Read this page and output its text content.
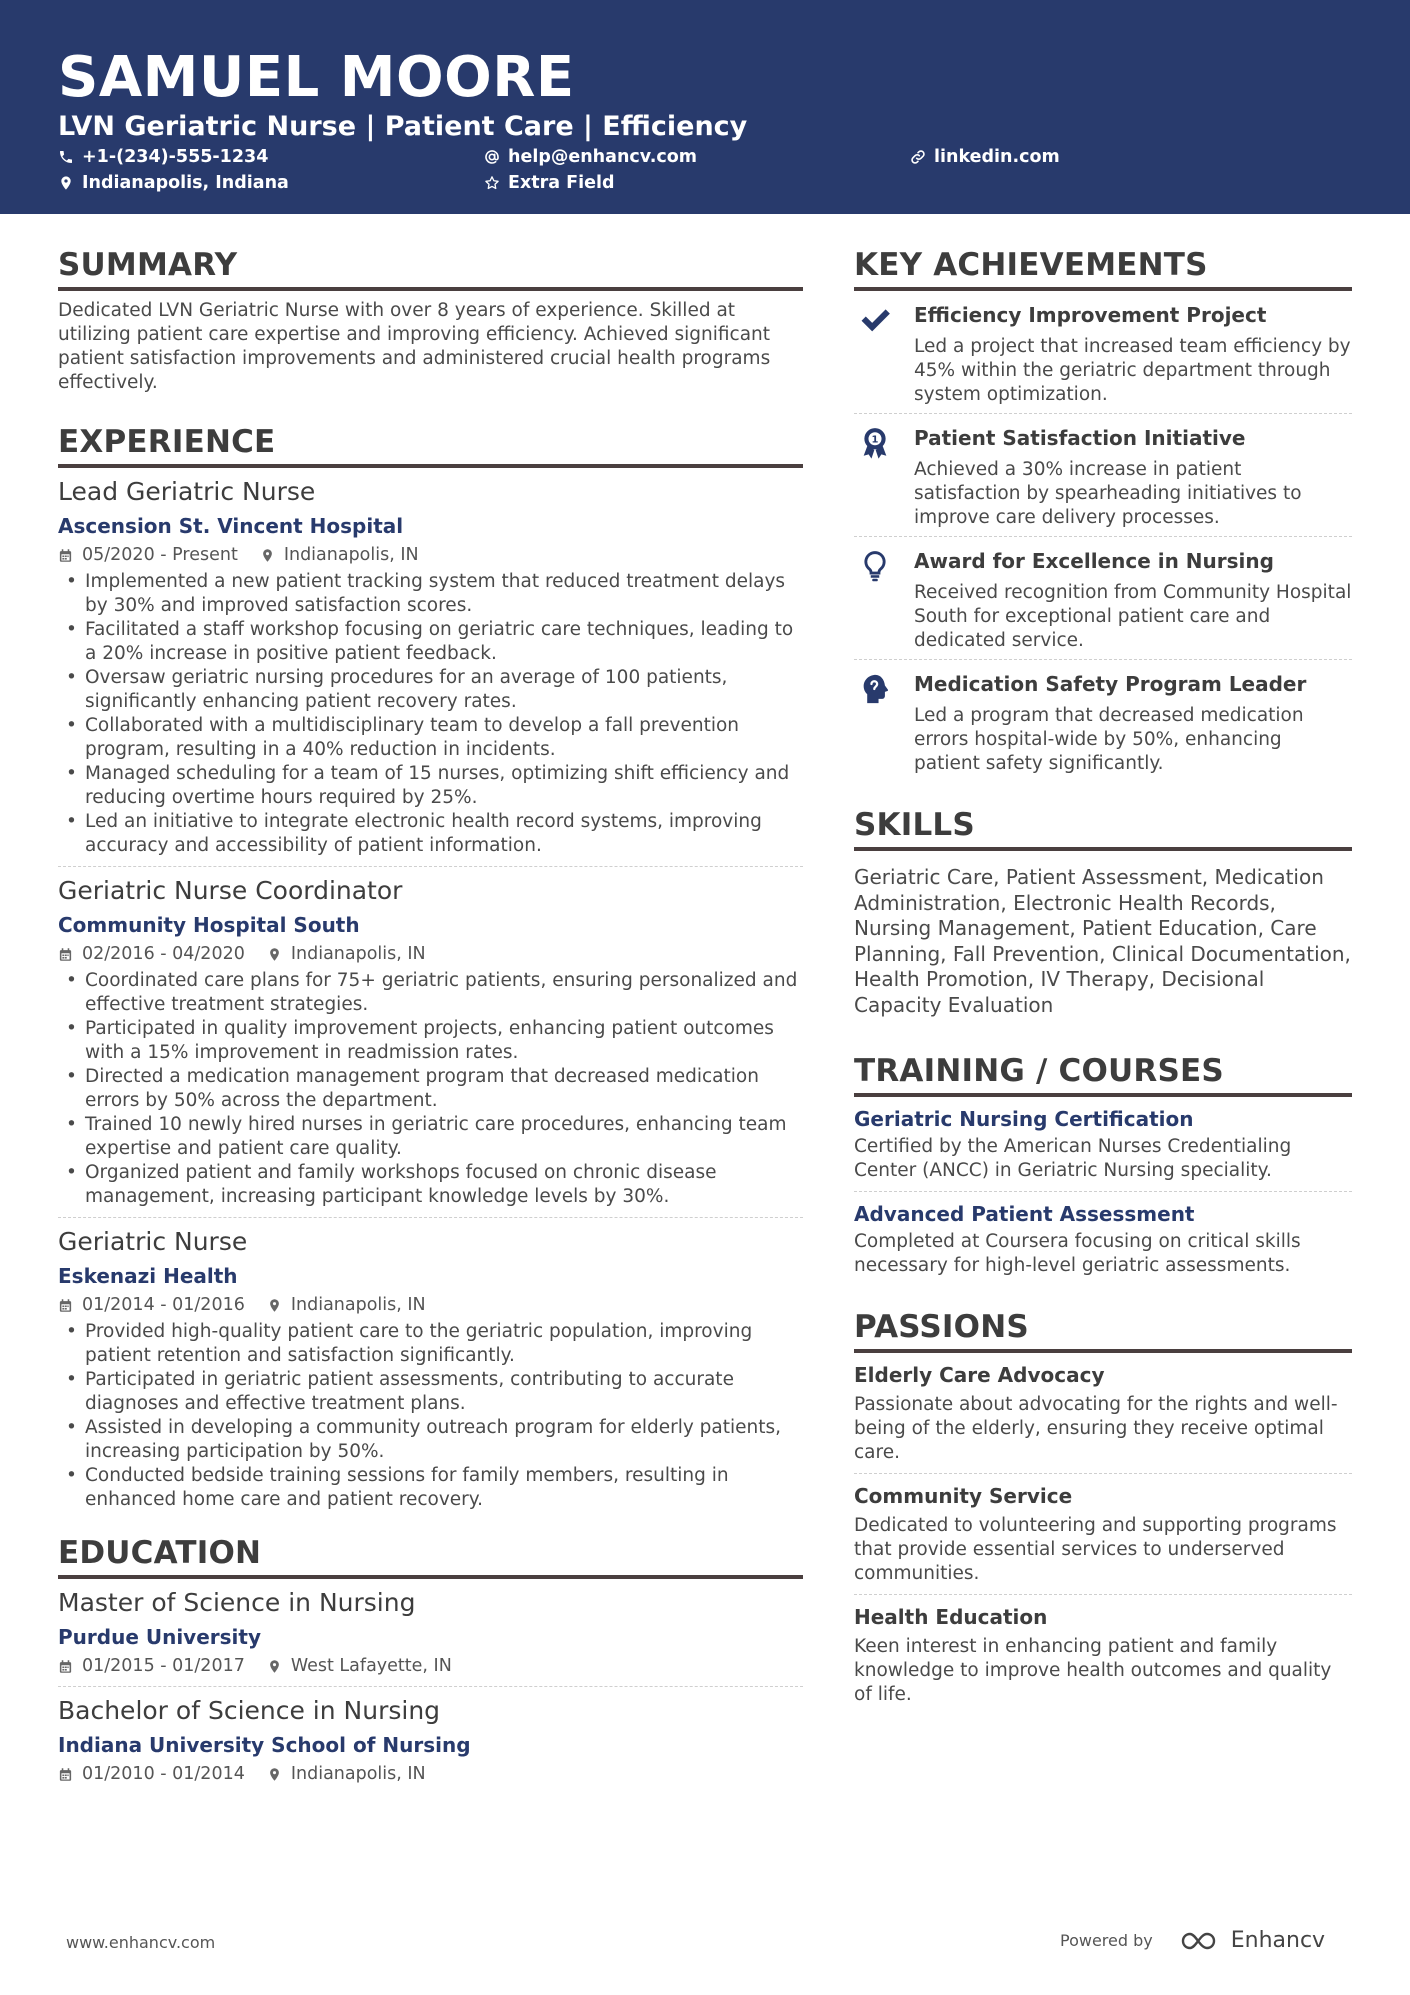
SAMUEL MOORE
LVN Geriatric Nurse | Patient Care | Efficiency
+1-(234)-555-1234	help@enhancv.com	linkedin.com
Indianapolis, Indiana	Extra Field
SUMMARY
Dedicated LVN Geriatric Nurse with over 8 years of experience. Skilled at utilizing patient care expertise and improving efficiency. Achieved significant patient satisfaction improvements and administered crucial health programs effectively.
EXPERIENCE
Lead Geriatric Nurse
Ascension St. Vincent Hospital
05/2020 - Present	Indianapolis, IN
• Implemented a new patient tracking system that reduced treatment delays by 30% and improved satisfaction scores.
• Facilitated a staff workshop focusing on geriatric care techniques, leading to a 20% increase in positive patient feedback.
• Oversaw geriatric nursing procedures for an average of 100 patients, significantly enhancing patient recovery rates.
• Collaborated with a multidisciplinary team to develop a fall prevention program, resulting in a 40% reduction in incidents.
• Managed scheduling for a team of 15 nurses, optimizing shift efficiency and reducing overtime hours required by 25%.
• Led an initiative to integrate electronic health record systems, improving accuracy and accessibility of patient information.
Geriatric Nurse Coordinator
Community Hospital South
02/2016 - 04/2020	Indianapolis, IN
• Coordinated care plans for 75+ geriatric patients, ensuring personalized and effective treatment strategies.
• Participated in quality improvement projects, enhancing patient outcomes with a 15% improvement in readmission rates.
• Directed a medication management program that decreased medication errors by 50% across the department.
• Trained 10 newly hired nurses in geriatric care procedures, enhancing team expertise and patient care quality.
• Organized patient and family workshops focused on chronic disease management, increasing participant knowledge levels by 30%.
Geriatric Nurse
Eskenazi Health
01/2014 - 01/2016	Indianapolis, IN
• Provided high-quality patient care to the geriatric population, improving patient retention and satisfaction significantly.
• Participated in geriatric patient assessments, contributing to accurate diagnoses and effective treatment plans.
• Assisted in developing a community outreach program for elderly patients, increasing participation by 50%.
• Conducted bedside training sessions for family members, resulting in enhanced home care and patient recovery.
EDUCATION
Master of Science in Nursing
Purdue University
01/2015 - 01/2017	West Lafayette, IN
Bachelor of Science in Nursing
Indiana University School of Nursing
01/2010 - 01/2014	Indianapolis, IN
KEY ACHIEVEMENTS
Efficiency Improvement Project
Led a project that increased team efficiency by 45% within the geriatric department through system optimization.
1 Patient Satisfaction Initiative
Achieved a 30% increase in patient satisfaction by spearheading initiatives to improve care delivery processes.
Award for Excellence in Nursing
Received recognition from Community Hospital South for exceptional patient care and dedicated service.
Medication Safety Program Leader
Led a program that decreased medication errors hospital-wide by 50%, enhancing patient safety significantly.
SKILLS
Geriatric Care, Patient Assessment, Medication Administration, Electronic Health Records, Nursing Management, Patient Education, Care Planning, Fall Prevention, Clinical Documentation, Health Promotion, IV Therapy, Decisional Capacity Evaluation
TRAINING / COURSES
Geriatric Nursing Certification
Certified by the American Nurses Credentialing Center (ANCC) in Geriatric Nursing speciality.
Advanced Patient Assessment
Completed at Coursera focusing on critical skills necessary for high-level geriatric assessments.
PASSIONS
Elderly Care Advocacy
Passionate about advocating for the rights and well-being of the elderly, ensuring they receive optimal care.
Community Service
Dedicated to volunteering and supporting programs that provide essential services to underserved communities.
Health Education
Keen interest in enhancing patient and family knowledge to improve health outcomes and quality of life.
www.enhancv.com	Powered by	Enhancv
